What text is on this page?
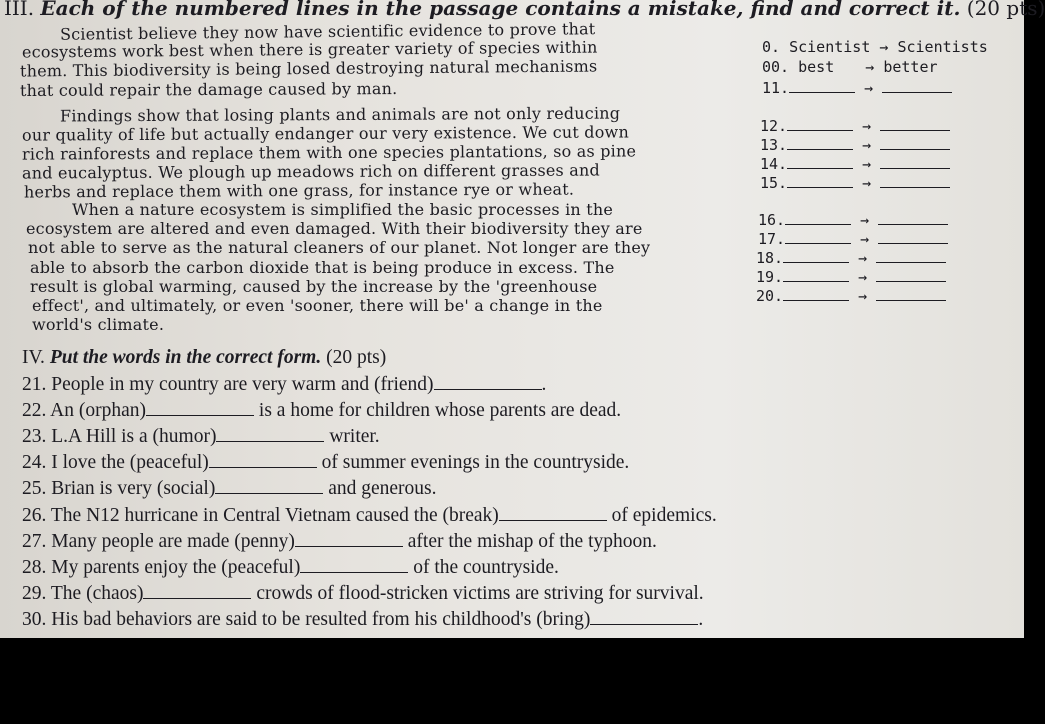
III. Each of the numbered lines in the passage contains a mistake, find and correct it. (20 pts)
Scientist believe they now have scientific evidence to prove that
ecosystems work best when there is greater variety of species within
them. This biodiversity is being losed destroying natural mechanisms
that could repair the damage caused by man.
Findings show that losing plants and animals are not only reducing
our quality of life but actually endanger our very existence. We cut down
rich rainforests and replace them with one species plantations, so as pine
and eucalyptus. We plough up meadows rich on different grasses and
herbs and replace them with one grass, for instance rye or wheat.
When a nature ecosystem is simplified the basic processes in the
ecosystem are altered and even damaged. With their biodiversity they are
not able to serve as the natural cleaners of our planet. Not longer are they
able to absorb the carbon dioxide that is being produce in excess. The
result is global warming, caused by the increase by the 'greenhouse
effect', and ultimately, or even 'sooner, there will be' a change in the
world's climate.
0. Scientist → Scientists
00. best → better
11.	→
12.	→
13.	→
14.	→
15.	→
16.	→
17.	→
18.	→
19.	→
20.	→
IV. Put the words in the correct form. (20 pts)
21. People in my country are very warm and (friend)	.
22. An (orphan)	is a home for children whose parents are dead.
23. L.A Hill is a (humor)	writer.
24. I love the (peaceful)	of summer evenings in the countryside.
25. Brian is very (social)	and generous.
26. The N12 hurricane in Central Vietnam caused the (break)	of epidemics.
27. Many people are made (penny)	after the mishap of the typhoon.
28. My parents enjoy the (peaceful)	of the countryside.
29. The (chaos)	crowds of flood-stricken victims are striving for survival.
30. His bad behaviors are said to be resulted from his childhood's (bring)	.
